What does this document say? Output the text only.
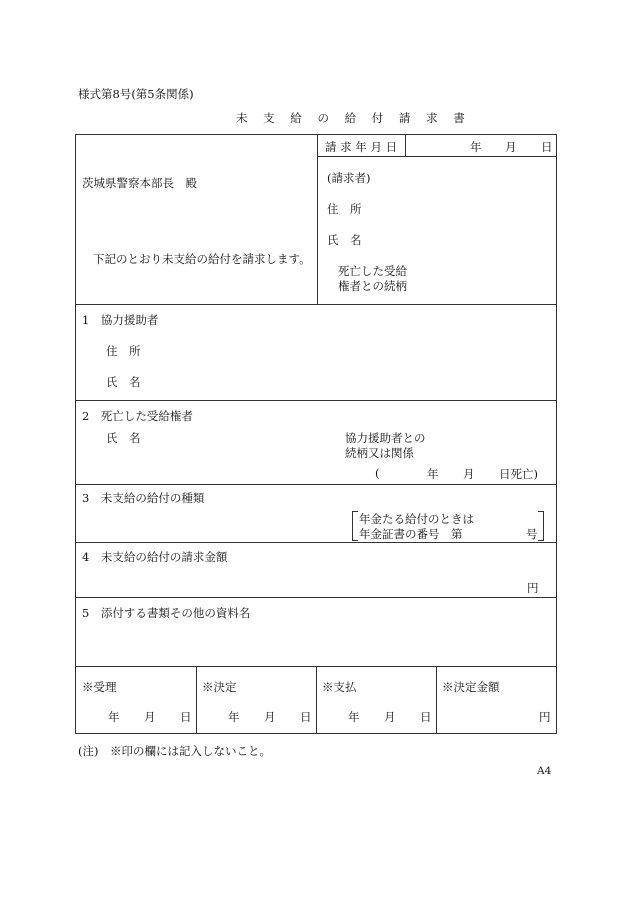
様式第8号(第5条関係)
未 支 給 の 給 付 請 求 書
請 求 年 月 日	年 月 日
茨城県警察本部長　殿
下記のとおり未支給の給付を請求します。
(請求者)
住　所
氏　名
死亡した受給
権者との続柄
1　協力援助者
住　所
氏　名
2　死亡した受給権者
氏　名	協力援助者との
続柄又は関係
(	年 月 日死亡)
3　未支給の給付の種類
年金たる給付のときは
年金証書の番号　第	号
4　未支給の給付の請求金額
円
5　添付する書類その他の資料名
※受理	※決定	※支払	※決定金額
年 月 日	年 月 日	年 月 日	円
(注)　※印の欄には記入しないこと。
A4
